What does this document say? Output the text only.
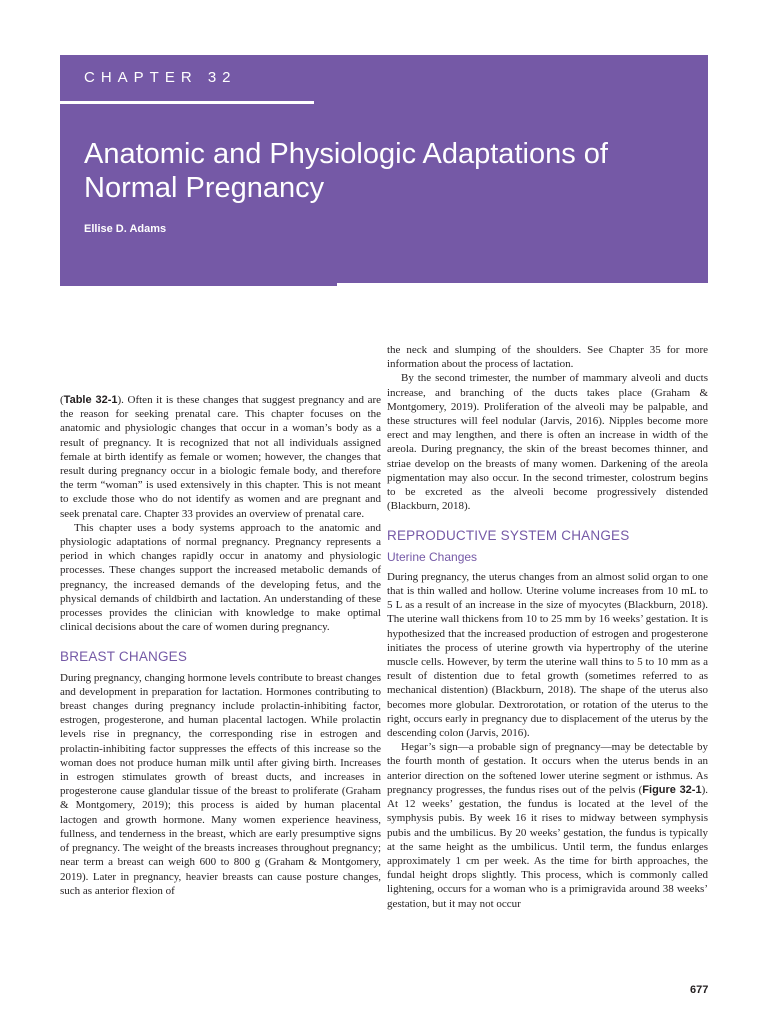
CHAPTER 32
Anatomic and Physiologic Adaptations of Normal Pregnancy
Ellise D. Adams

(Table 32-1). Often it is these changes that suggest pregnancy and are the reason for seeking prenatal care. This chapter focuses on the anatomic and physiologic changes that occur in a woman’s body as a result of pregnancy. It is recognized that not all individuals assigned female at birth identify as female or women; however, the changes that result during pregnancy occur in a biologic female body, and therefore the term “woman” is used extensively in this chapter. This is not meant to exclude those who do not identify as women and are pregnant and seek prenatal care. Chapter 33 provides an overview of prenatal care.

This chapter uses a body systems approach to the anatomic and physiologic adaptations of normal pregnancy. Pregnancy represents a period in which changes rapidly occur in anatomy and physiologic processes. These changes support the increased metabolic demands of pregnancy, the increased demands of the developing fetus, and the physical demands of childbirth and lactation. An understanding of these processes provides the clinician with knowledge to make optimal clinical decisions about the care of women during pregnancy.

BREAST CHANGES

During pregnancy, changing hormone levels contribute to breast changes and development in preparation for lactation. Hormones contributing to breast changes during pregnancy include prolactin-inhibiting factor, estrogen, progesterone, and human placental lactogen. While prolactin levels rise in pregnancy, the corresponding rise in estrogen and prolactin-inhibiting factor suppresses the effects of this increase so the woman does not produce human milk until after giving birth. Increases in estrogen stimulates growth of breast ducts, and increases in progesterone cause glandular tissue of the breast to proliferate (Graham & Montgomery, 2019); this process is aided by human placental lactogen and growth hormone. Many women experience heaviness, fullness, and tenderness in the breast, which are early presumptive signs of pregnancy. The weight of the breasts increases throughout pregnancy; near term a breast can weigh 600 to 800 g (Graham & Montgomery, 2019). Later in pregnancy, heavier breasts can cause posture changes, such as anterior flexion of

the neck and slumping of the shoulders. See Chapter 35 for more information about the process of lactation.

By the second trimester, the number of mammary alveoli and ducts increase, and branching of the ducts takes place (Graham & Montgomery, 2019). Proliferation of the alveoli may be palpable, and these structures will feel nodular (Jarvis, 2016). Nipples become more erect and may lengthen, and there is often an increase in width of the areola. During pregnancy, the skin of the breast becomes thinner, and striae develop on the breasts of many women. Darkening of the areola pigmentation may also occur. In the second trimester, colostrum begins to be excreted as the alveoli become progressively distended (Blackburn, 2018).

REPRODUCTIVE SYSTEM CHANGES
Uterine Changes

During pregnancy, the uterus changes from an almost solid organ to one that is thin walled and hollow. Uterine volume increases from 10 mL to 5 L as a result of an increase in the size of myocytes (Blackburn, 2018). The uterine wall thickens from 10 to 25 mm by 16 weeks’ gestation. It is hypothesized that the increased production of estrogen and progesterone initiates the process of uterine growth via hypertrophy of the uterine muscle cells. However, by term the uterine wall thins to 5 to 10 mm as a result of distention due to fetal growth (sometimes referred to as mechanical distention) (Blackburn, 2018). The shape of the uterus also becomes more globular. Dextrorotation, or rotation of the uterus to the right, occurs early in pregnancy due to displacement of the uterus by the descending colon (Jarvis, 2016).

Hegar’s sign—a probable sign of pregnancy—may be detectable by the fourth month of gestation. It occurs when the uterus bends in an anterior direction on the softened lower uterine segment or isthmus. As pregnancy progresses, the fundus rises out of the pelvis (Figure 32-1). At 12 weeks’ gestation, the fundus is located at the level of the symphysis pubis. By week 16 it rises to midway between symphysis pubis and the umbilicus. By 20 weeks’ gestation, the fundus is typically at the same height as the umbilicus. Until term, the fundus enlarges approximately 1 cm per week. As the time for birth approaches, the fundal height drops slightly. This process, which is commonly called lightening, occurs for a woman who is a primigravida around 38 weeks’ gestation, but it may not occur

677
